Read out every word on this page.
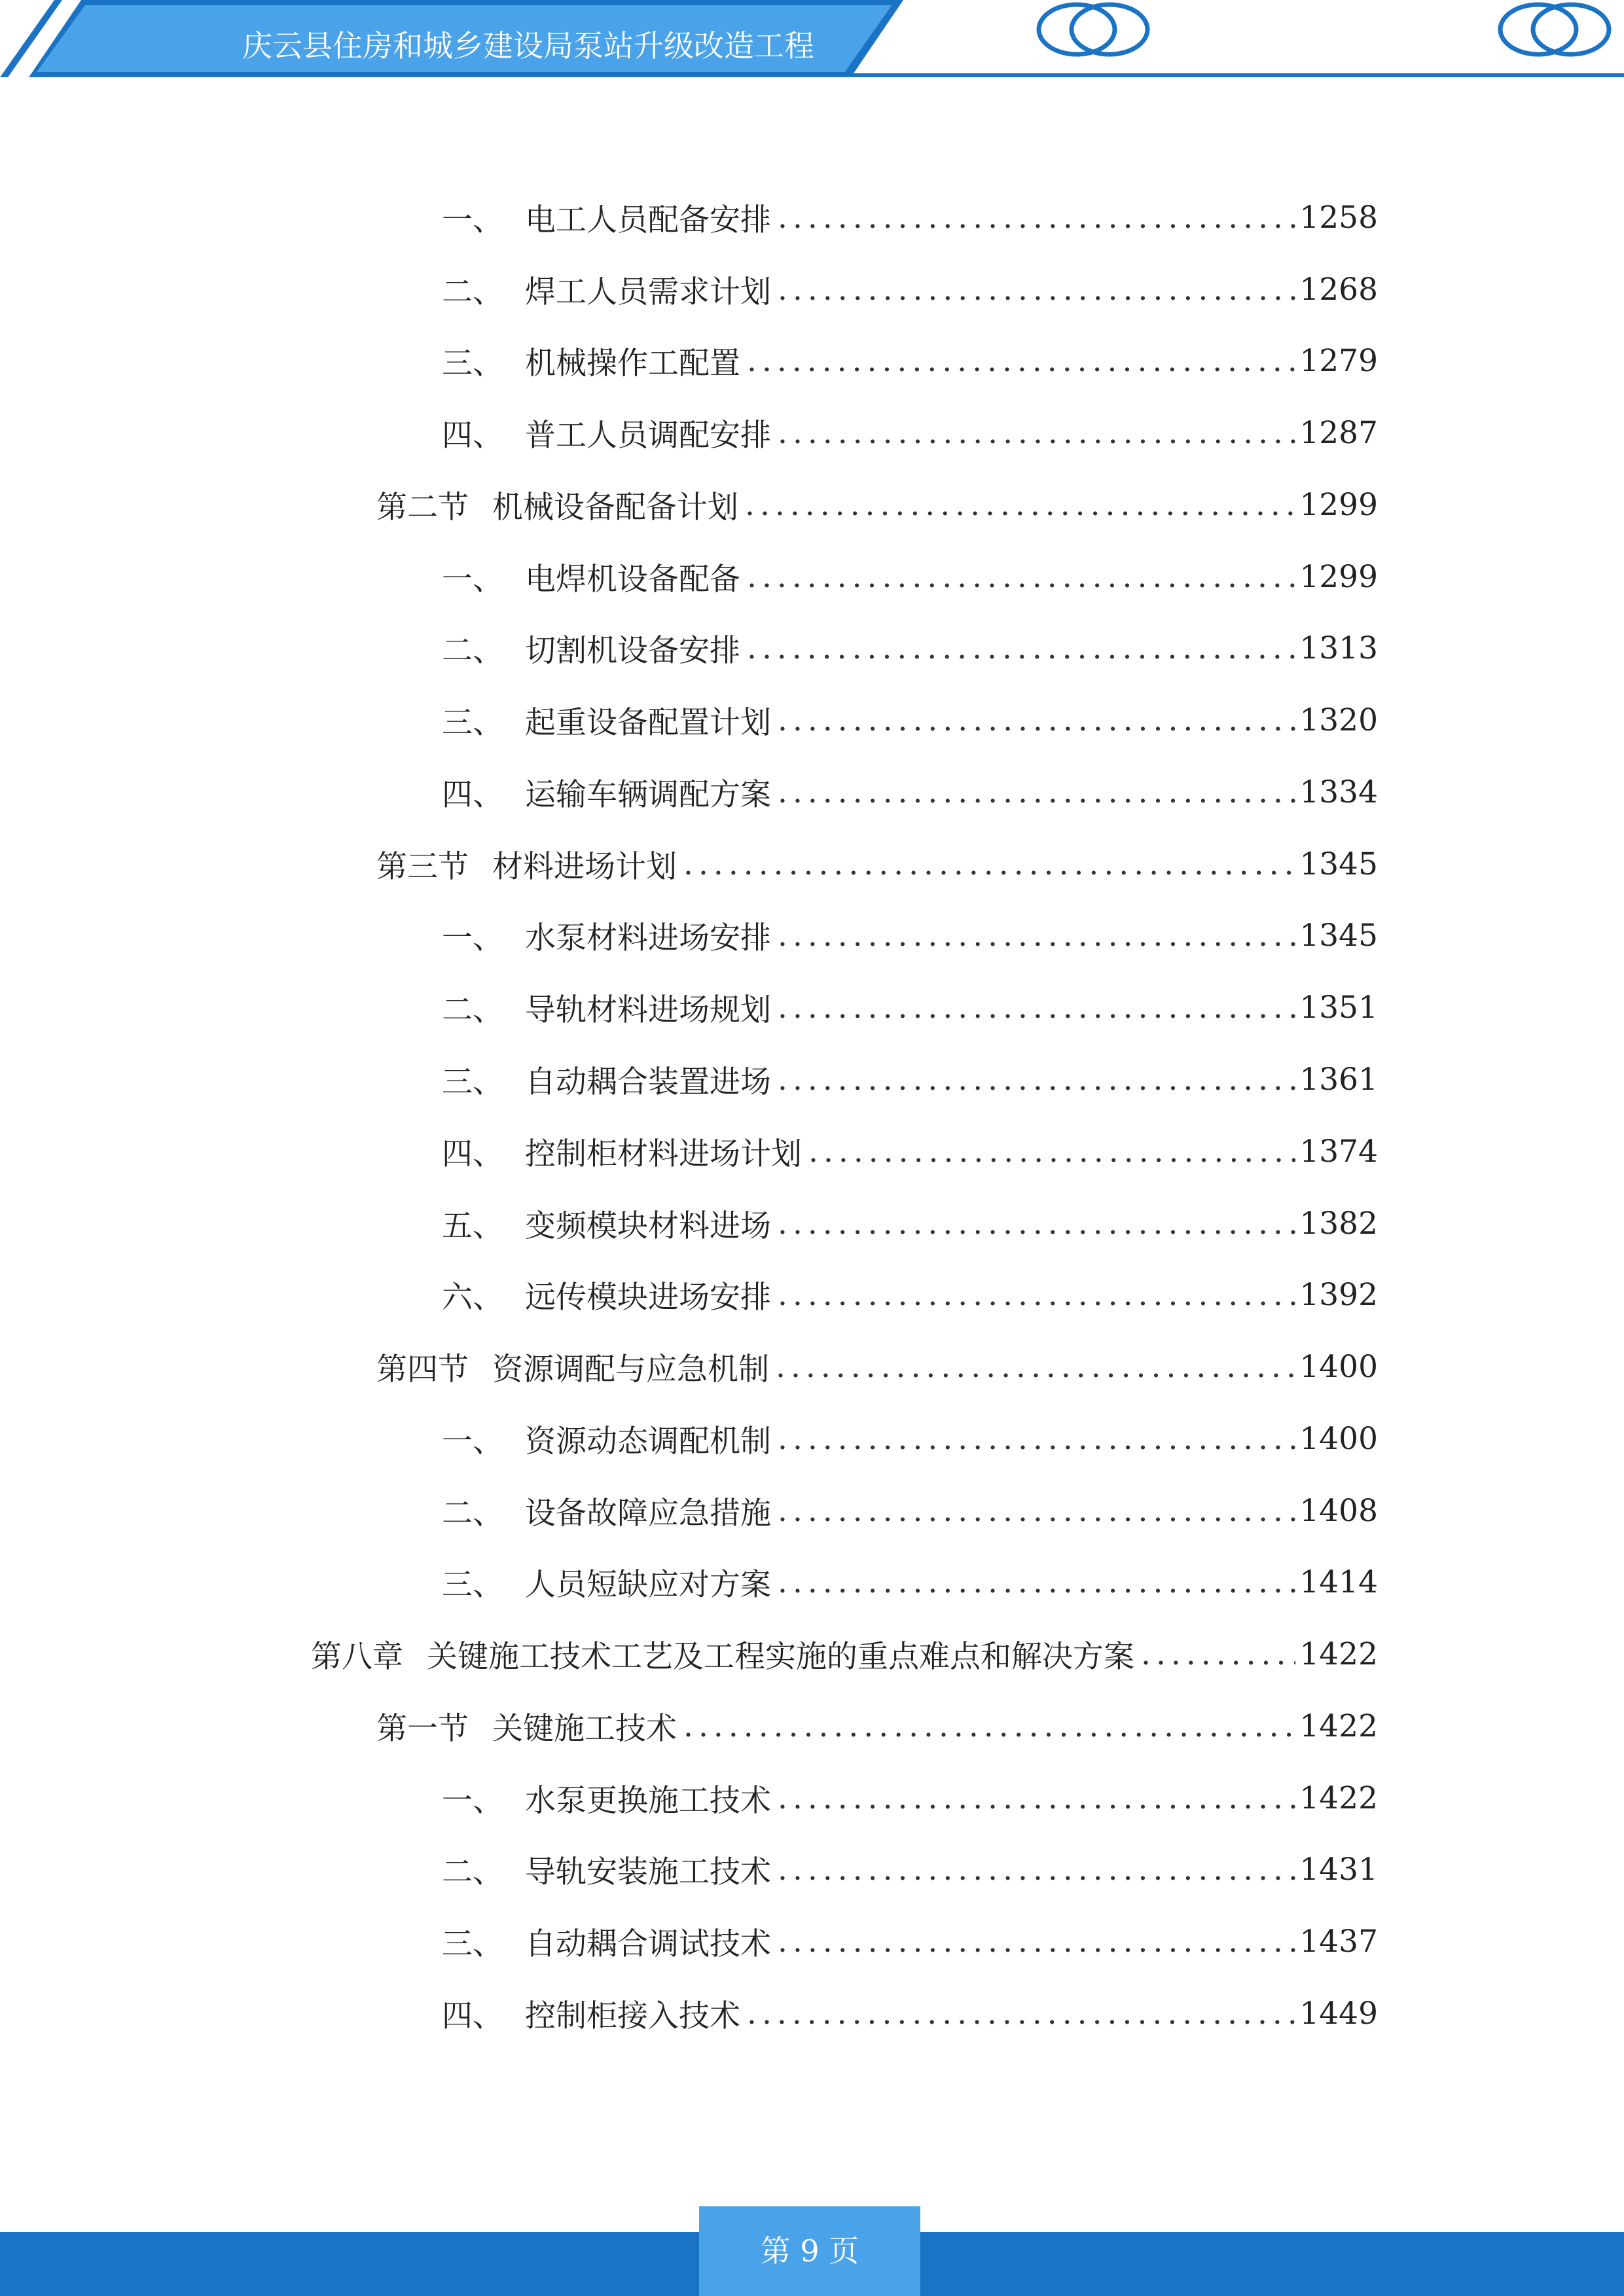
庆云县住房和城乡建设局泵站升级改造工程
一、 电工人员配备安排 .....	1258
二、 焊工人员需求计划 .....	1268
三、 机械操作工配置 .....	1279
四、 普工人员调配安排 .....	1287
第二节 机械设备配备计划 .....	1299
一、 电焊机设备配备 .....	1299
二、 切割机设备安排 .....	1313
三、 起重设备配置计划 .....	1320
四、 运输车辆调配方案 .....	1334
第三节 材料进场计划 .....	1345
一、 水泵材料进场安排 .....	1345
二、 导轨材料进场规划 .....	1351
三、 自动耦合装置进场 .....	1361
四、 控制柜材料进场计划 .....	1374
五、 变频模块材料进场 .....	1382
六、 远传模块进场安排 .....	1392
第四节 资源调配与应急机制 .....	1400
一、 资源动态调配机制 .....	1400
二、 设备故障应急措施 .....	1408
三、 人员短缺应对方案 .....	1414
第八章 关键施工技术工艺及工程实施的重点难点和解决方案 .....	1422
第一节 关键施工技术 .....	1422
一、 水泵更换施工技术 .....	1422
二、 导轨安装施工技术 .....	1431
三、 自动耦合调试技术 .....	1437
四、 控制柜接入技术 .....	1449
第 9 页
